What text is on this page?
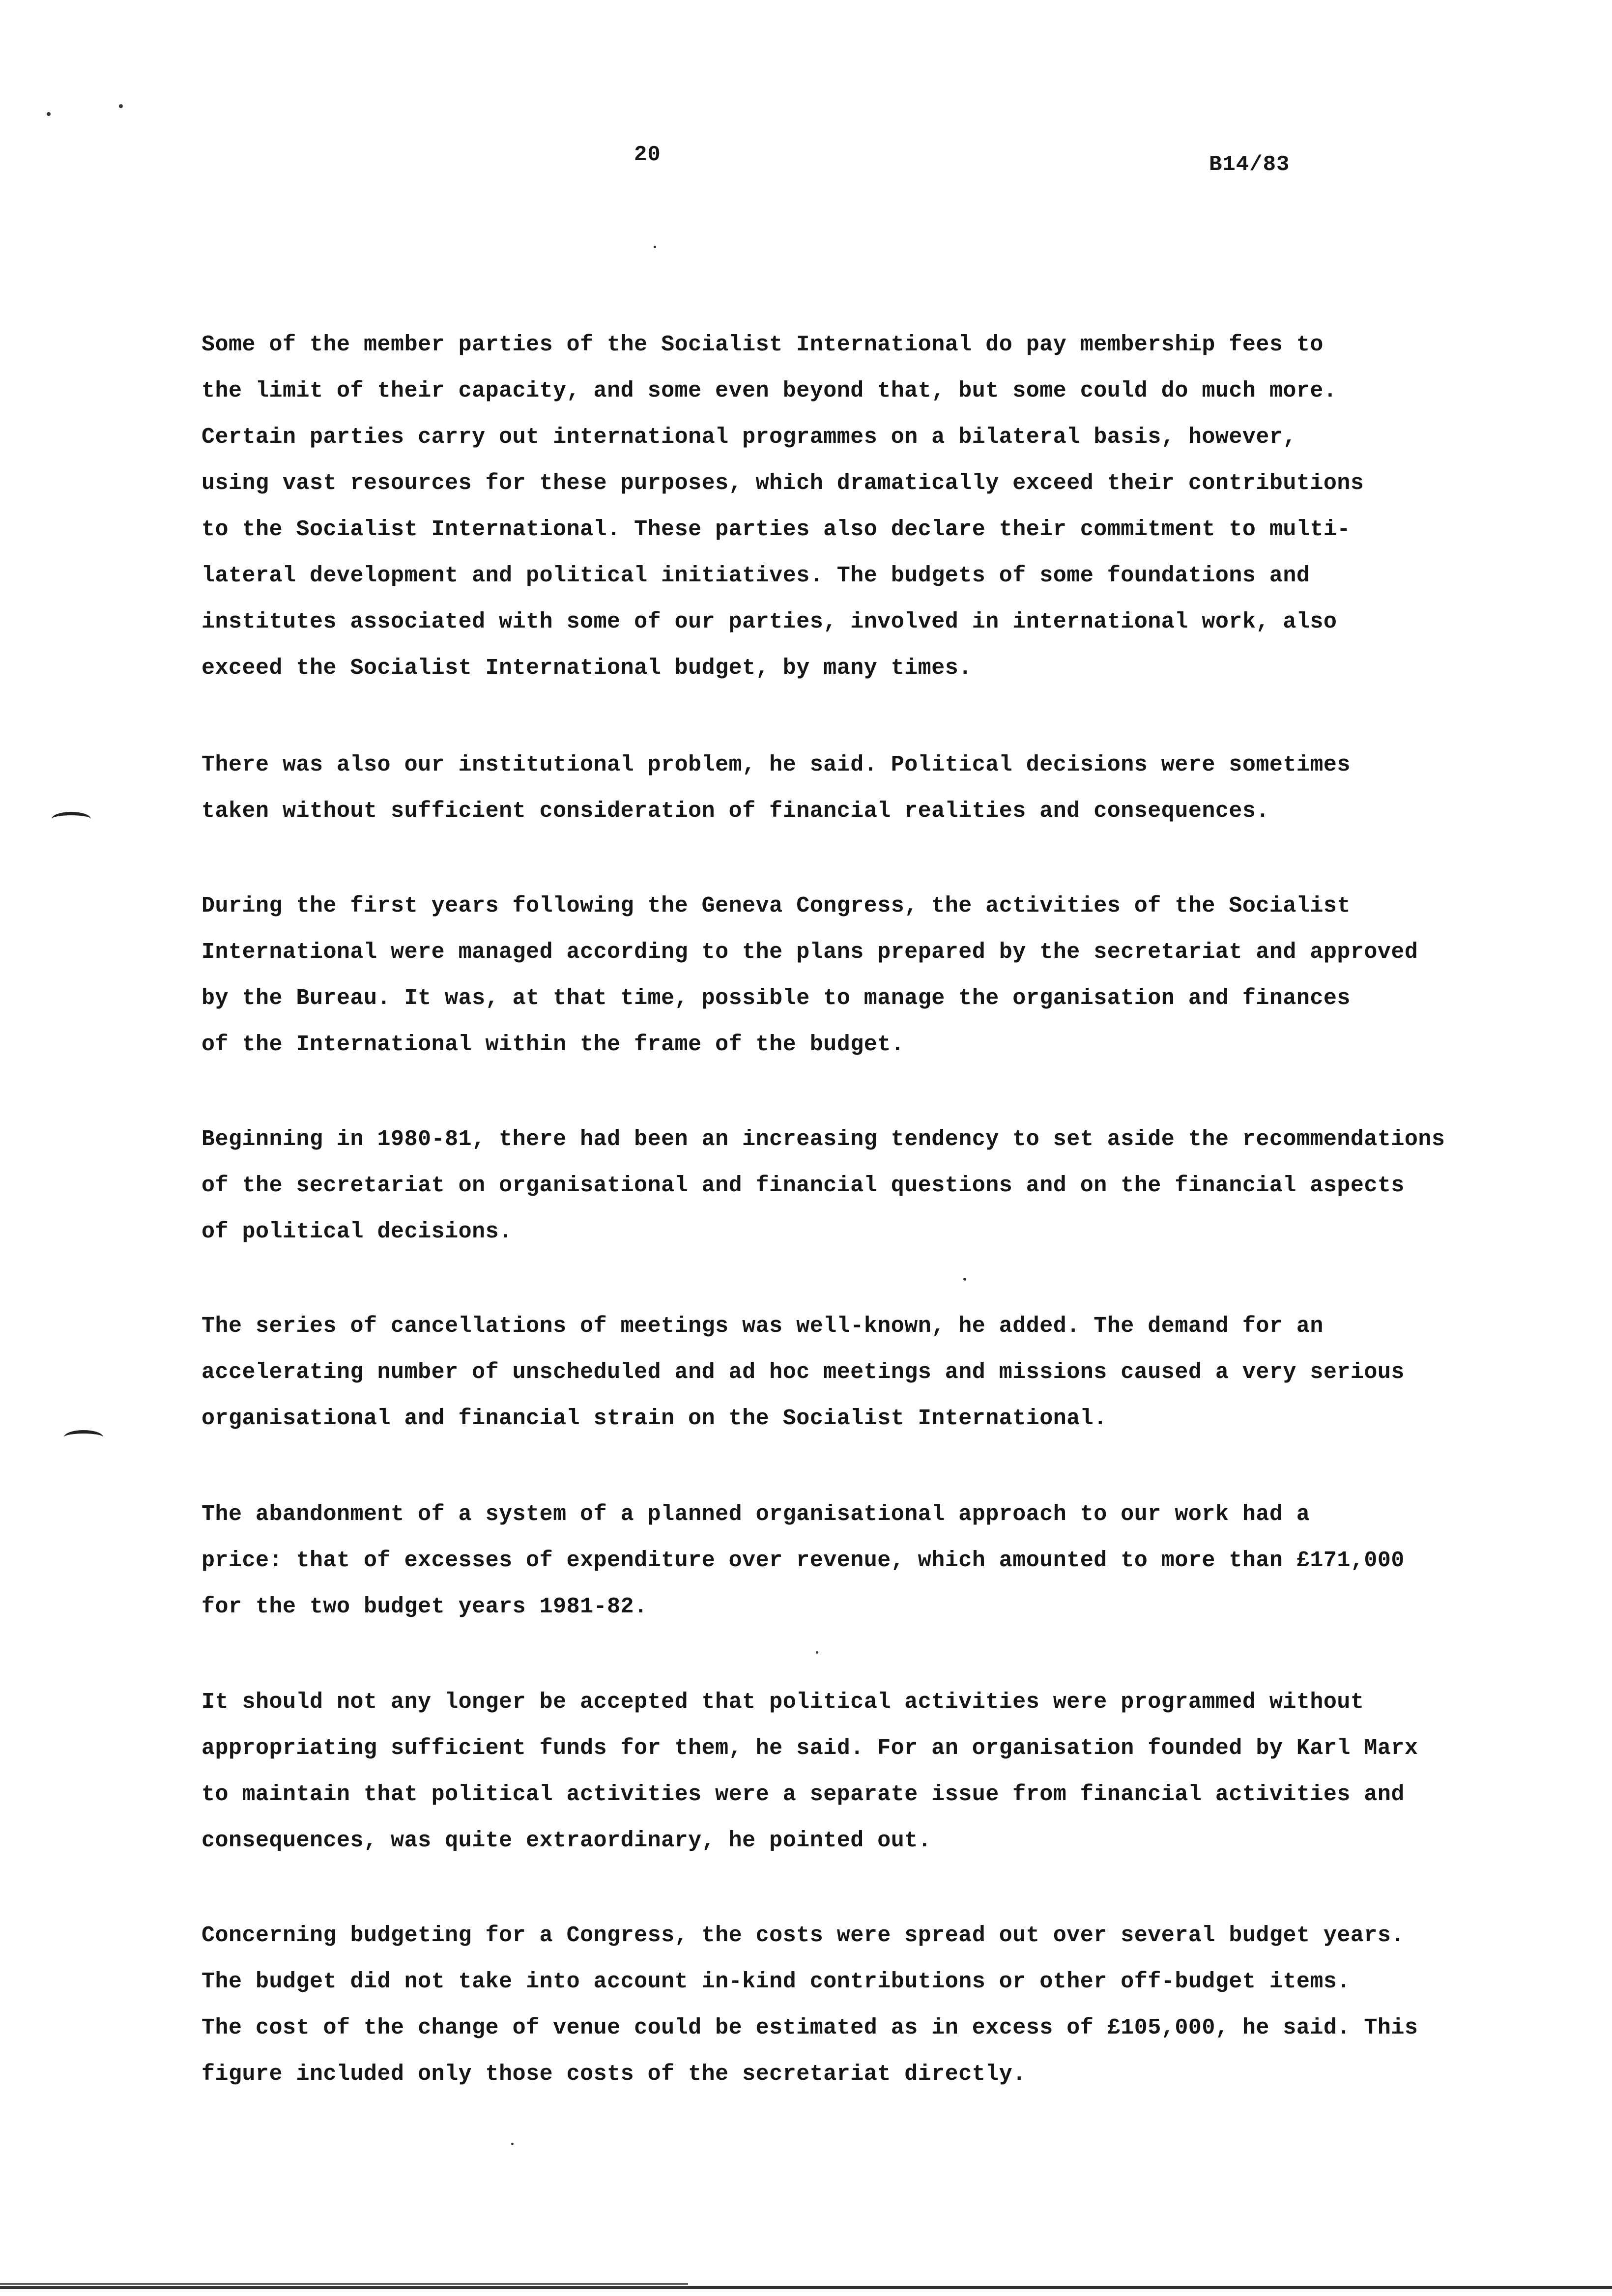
20	B14/83

Some of the member parties of the Socialist International do pay membership fees to
the limit of their capacity, and some even beyond that, but some could do much more.
Certain parties carry out international programmes on a bilateral basis, however,
using vast resources for these purposes, which dramatically exceed their contributions
to the Socialist International. These parties also declare their commitment to multi-
lateral development and political initiatives. The budgets of some foundations and
institutes associated with some of our parties, involved in international work, also
exceed the Socialist International budget, by many times.

There was also our institutional problem, he said. Political decisions were sometimes
taken without sufficient consideration of financial realities and consequences.

During the first years following the Geneva Congress, the activities of the Socialist
International were managed according to the plans prepared by the secretariat and approved
by the Bureau. It was, at that time, possible to manage the organisation and finances
of the International within the frame of the budget.

Beginning in 1980-81, there had been an increasing tendency to set aside the recommendations
of the secretariat on organisational and financial questions and on the financial aspects
of political decisions.

The series of cancellations of meetings was well-known, he added. The demand for an
accelerating number of unscheduled and ad hoc meetings and missions caused a very serious
organisational and financial strain on the Socialist International.

The abandonment of a system of a planned organisational approach to our work had a
price: that of excesses of expenditure over revenue, which amounted to more than £171,000
for the two budget years 1981-82.

It should not any longer be accepted that political activities were programmed without
appropriating sufficient funds for them, he said. For an organisation founded by Karl Marx
to maintain that political activities were a separate issue from financial activities and
consequences, was quite extraordinary, he pointed out.

Concerning budgeting for a Congress, the costs were spread out over several budget years.
The budget did not take into account in-kind contributions or other off-budget items.
The cost of the change of venue could be estimated as in excess of £105,000, he said. This
figure included only those costs of the secretariat directly.
